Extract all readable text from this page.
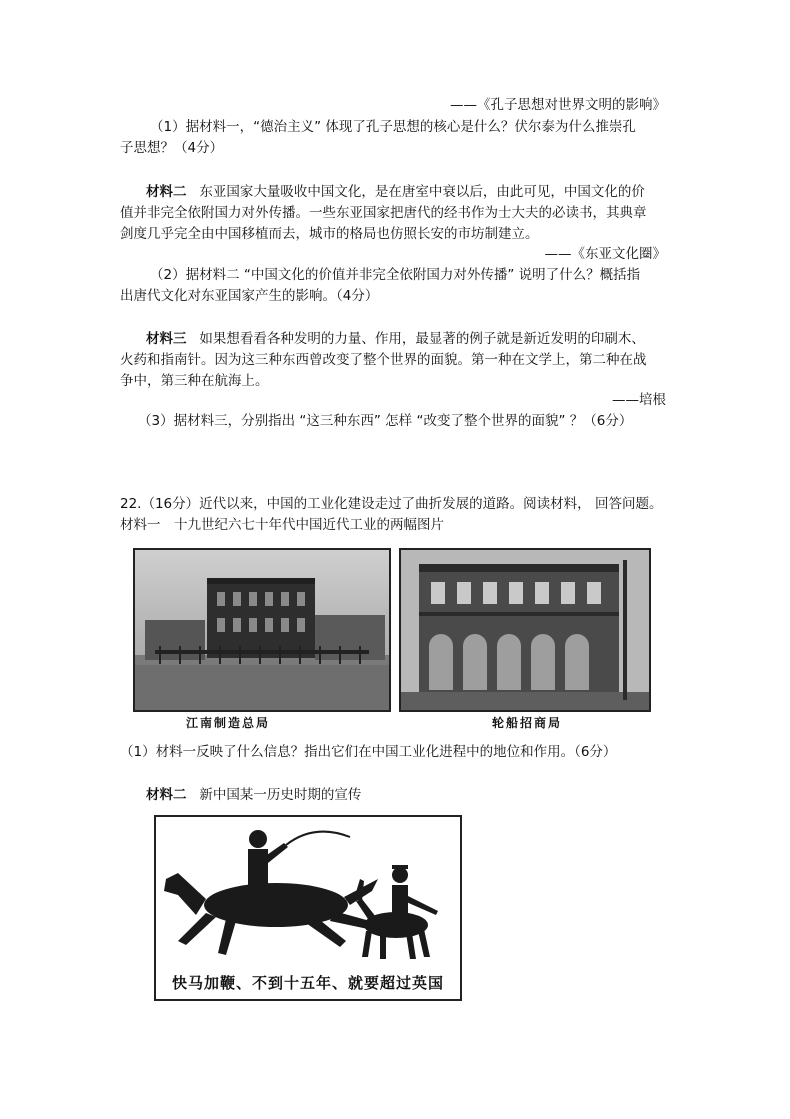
——《孔子思想对世界文明的影响》
（1）据材料一，“德治主义” 体现了孔子思想的核心是什么？伏尔泰为什么推崇孔
子思想？（4分）
材料二 东亚国家大量吸收中国文化，是在唐室中衰以后，由此可见，中国文化的价
值并非完全依附国力对外传播。一些东亚国家把唐代的经书作为士大夫的必读书，其典章
剑度几乎完全由中国移植而去，城市的格局也仿照长安的市坊制建立。
——《东亚文化圈》
（2）据材料二 “中国文化的价值并非完全依附国力对外传播” 说明了什么？概括指
出唐代文化对东亚国家产生的影响。（4分）
材料三 如果想看看各种发明的力量、作用，最显著的例子就是新近发明的印刷木、
火药和指南针。因为这三种东西曾改变了整个世界的面貌。第一种在文学上，第二种在战
争中，第三种在航海上。
——培根
（3）据材料三，分别指出 “这三种东西” 怎样 “改变了整个世界的面貌” ？（6分）
22.（16分）近代以来，中国的工业化建设走过了曲折发展的道路。阅读材料， 回答问题。
材料一　十九世纪六七十年代中国近代工业的两幅图片
江南制造总局	轮船招商局
（1）材料一反映了什么信息？指出它们在中国工业化进程中的地位和作用。（6分）
材料二 新中国某一历史时期的宣传
快马加鞭、不到十五年、就要超过英国
